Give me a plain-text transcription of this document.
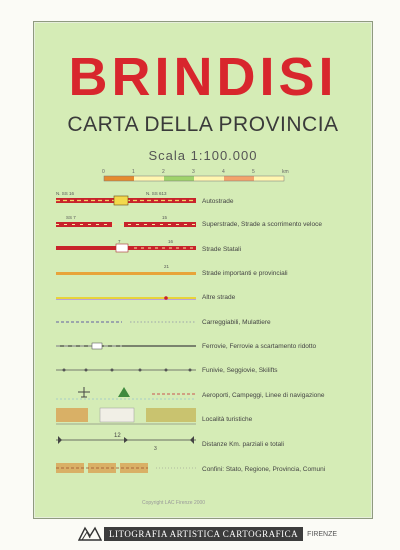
BRINDISI
CARTA DELLA PROVINCIA
Scala 1:100.000
0	1	2	3	4	5	km
N. SS 16	N. SS 613
Autostrade
SS 7	15
Superstrade, Strade a scorrimento veloce
7	16
Strade Statali
21
Strade importanti e provinciali
Altre strade
Carreggiabili, Mulattiere
Ferrovie, Ferrovie a scartamento ridotto
Funivie, Seggiovie, Skilifts
Aeroporti, Campeggi, Linee di navigazione
Località turistiche
12
3
Distanze Km. parziali e totali
Confini: Stato, Regione, Provincia, Comuni
Copyright LAC Firenze 2000
LITOGRAFIA ARTISTICA CARTOGRAFICA	FIRENZE
